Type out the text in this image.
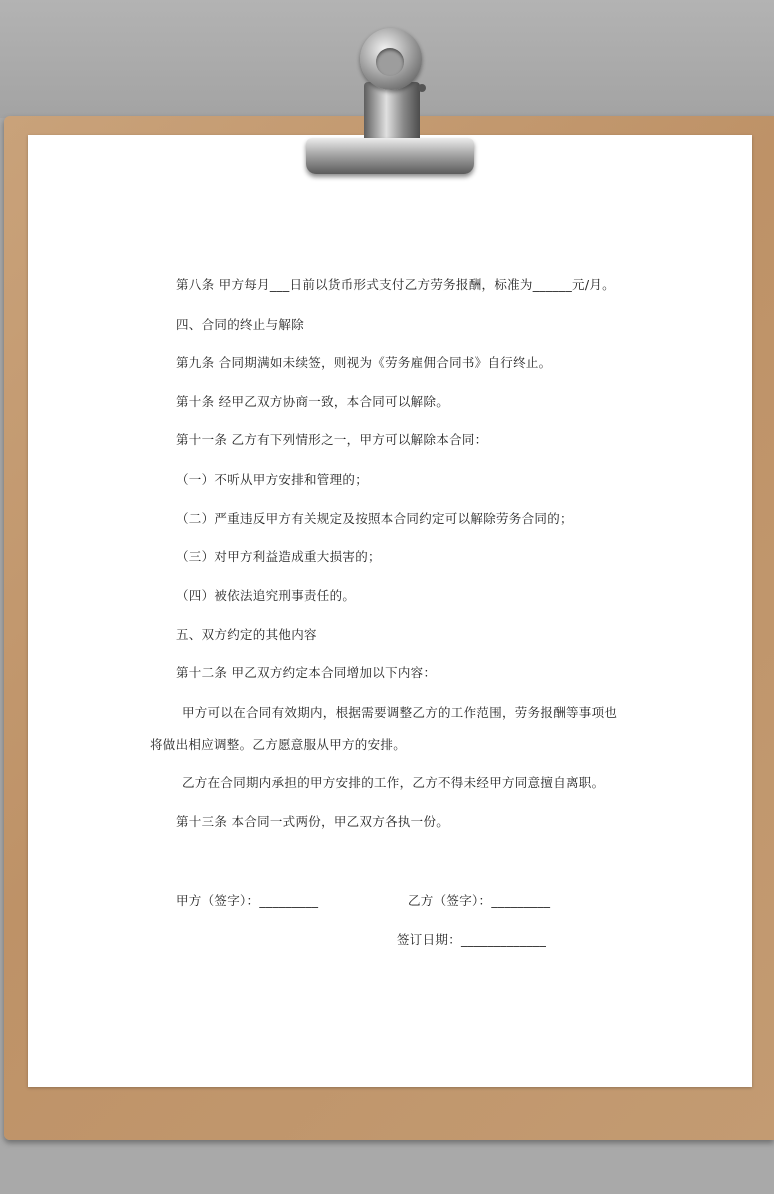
第八条 甲方每月___日前以货币形式支付乙方劳务报酬，标准为______元/月。
四、合同的终止与解除
第九条 合同期满如未续签，则视为《劳务雇佣合同书》自行终止。
第十条 经甲乙双方协商一致，本合同可以解除。
第十一条 乙方有下列情形之一，甲方可以解除本合同：
（一）不听从甲方安排和管理的；
（二）严重违反甲方有关规定及按照本合同约定可以解除劳务合同的；
（三）对甲方利益造成重大损害的；
（四）被依法追究刑事责任的。
五、双方约定的其他内容
第十二条 甲乙双方约定本合同增加以下内容：
甲方可以在合同有效期内，根据需要调整乙方的工作范围，劳务报酬等事项也
将做出相应调整。乙方愿意服从甲方的安排。
乙方在合同期内承担的甲方安排的工作，乙方不得未经甲方同意擅自离职。
第十三条 本合同一式两份，甲乙双方各执一份。
甲方（签字）：_________	乙方（签字）：_________
签订日期：_____________
